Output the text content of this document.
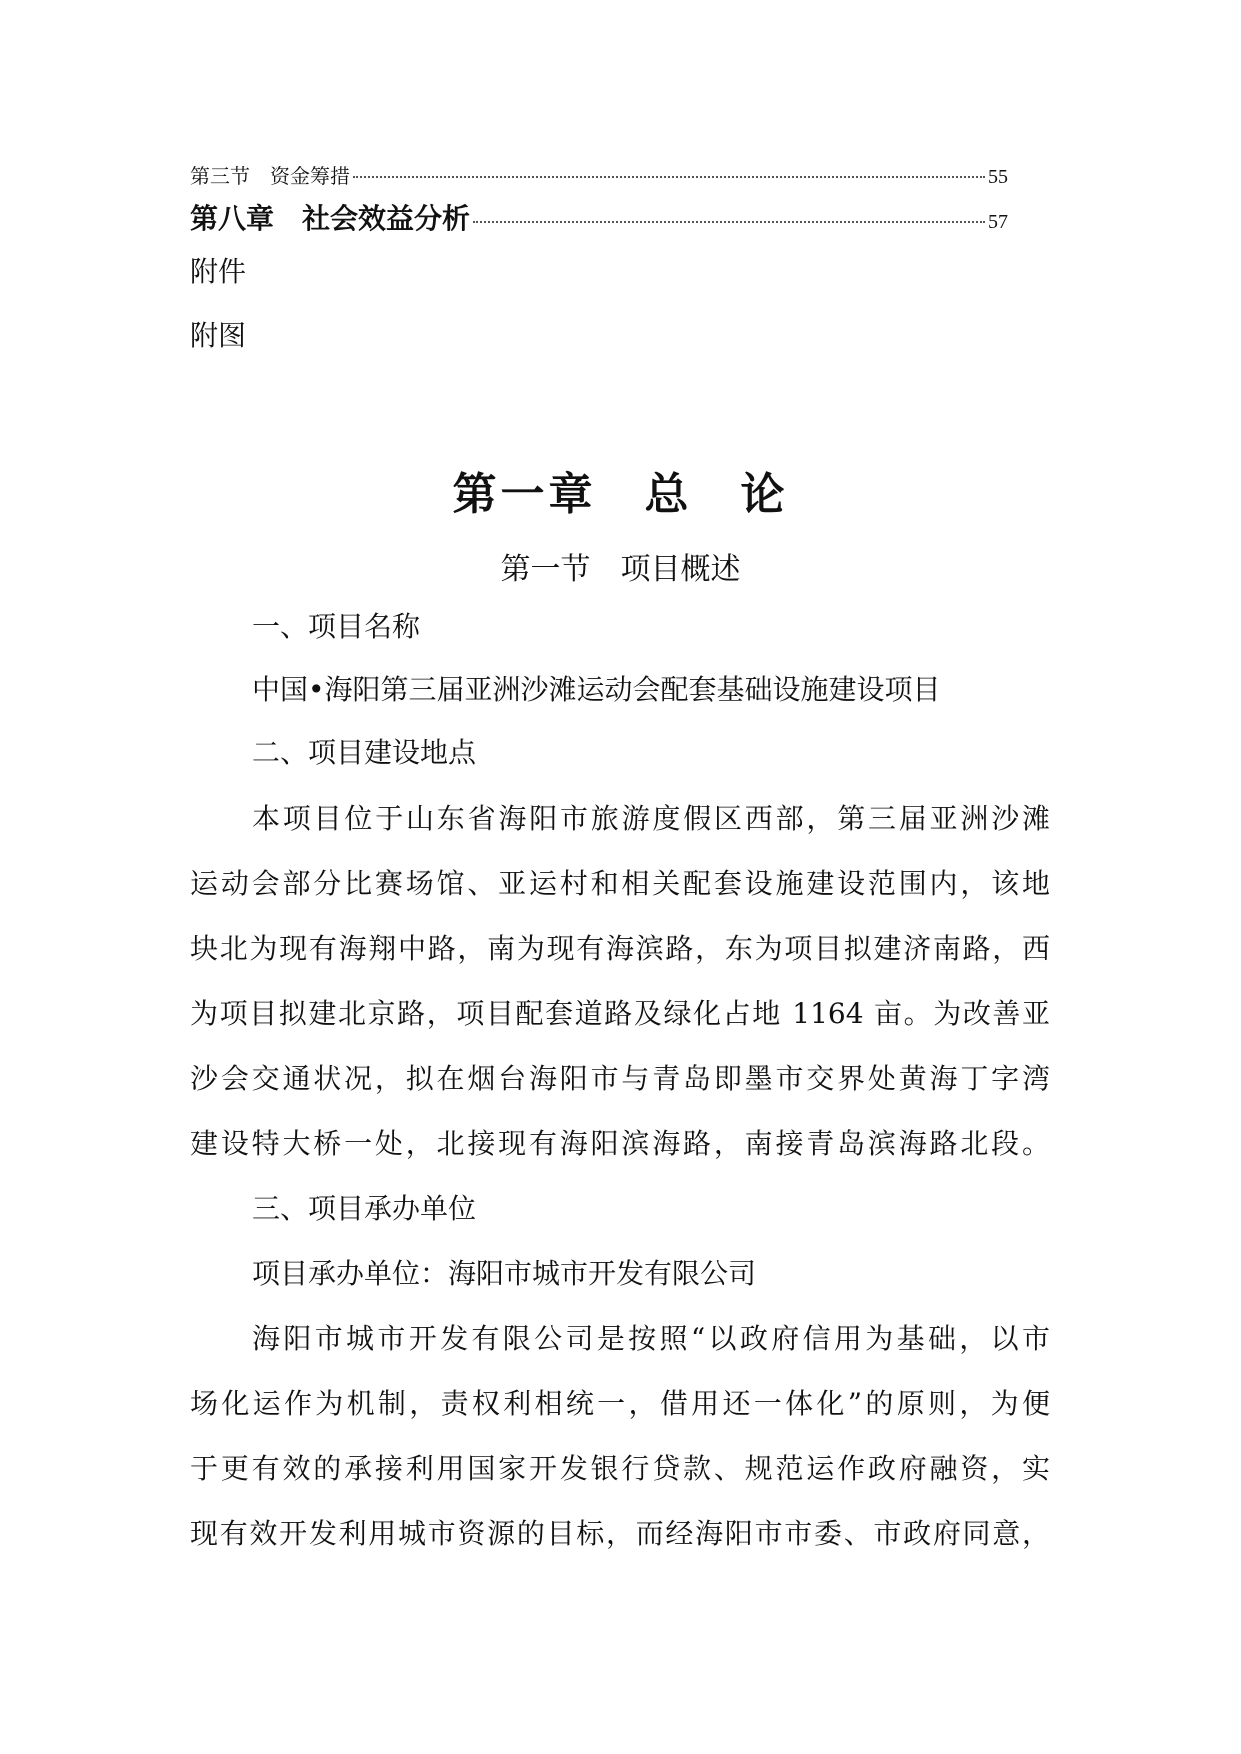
第三节　资金筹措	55
第八章　社会效益分析	57
附件
附图
第一章　总　论
第一节　项目概述
一、项目名称
中国•海阳第三届亚洲沙滩运动会配套基础设施建设项目
二、项目建设地点
本项目位于山东省海阳市旅游度假区西部，第三届亚洲沙滩
运动会部分比赛场馆、亚运村和相关配套设施建设范围内，该地
块北为现有海翔中路，南为现有海滨路，东为项目拟建济南路，西
为项目拟建北京路，项目配套道路及绿化占地 1164 亩。为改善亚
沙会交通状况，拟在烟台海阳市与青岛即墨市交界处黄海丁字湾
建设特大桥一处，北接现有海阳滨海路，南接青岛滨海路北段。
三、项目承办单位
项目承办单位：海阳市城市开发有限公司
海阳市城市开发有限公司是按照“以政府信用为基础，以市
场化运作为机制，责权利相统一，借用还一体化”的原则，为便
于更有效的承接利用国家开发银行贷款、规范运作政府融资，实
现有效开发利用城市资源的目标，而经海阳市市委、市政府同意，
